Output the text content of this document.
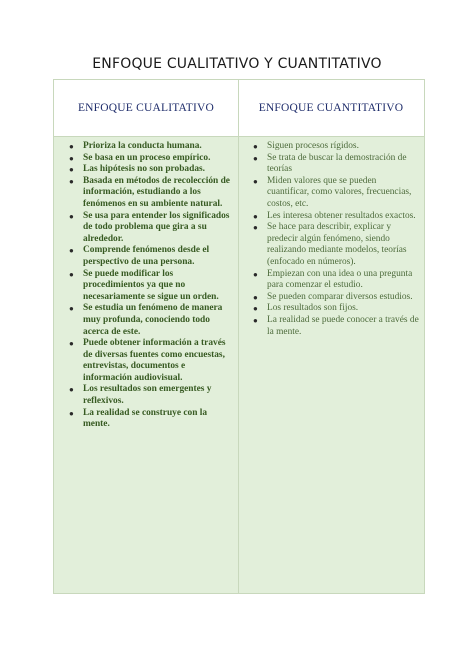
ENFOQUE CUALITATIVO Y CUANTITATIVO
ENFOQUE CUALITATIVO	ENFOQUE CUANTITATIVO
● Prioriza la conducta humana.
● Se basa en un proceso empírico.
● Las hipótesis no son probadas.
● Basada en métodos de recolección de información, estudiando a los fenómenos en su ambiente natural.
● Se usa para entender los significados de todo problema que gira a su alrededor.
● Comprende fenómenos desde el perspectivo de una persona.
● Se puede modificar los procedimientos ya que no necesariamente se sigue un orden.
● Se estudia un fenómeno de manera muy profunda, conociendo todo acerca de este.
● Puede obtener información a través de diversas fuentes como encuestas, entrevistas, documentos e información audiovisual.
● Los resultados son emergentes y reflexivos.
● La realidad se construye con la mente.
● Siguen procesos rígidos.
● Se trata de buscar la demostración de teorías
● Miden valores que se pueden cuantificar, como valores, frecuencias, costos, etc.
● Les interesa obtener resultados exactos.
● Se hace para describir, explicar y predecir algún fenómeno, siendo realizando mediante modelos, teorías (enfocado en números).
● Empiezan con una idea o una pregunta para comenzar el estudio.
● Se pueden comparar diversos estudios.
● Los resultados son fijos.
● La realidad se puede conocer a través de la mente.
